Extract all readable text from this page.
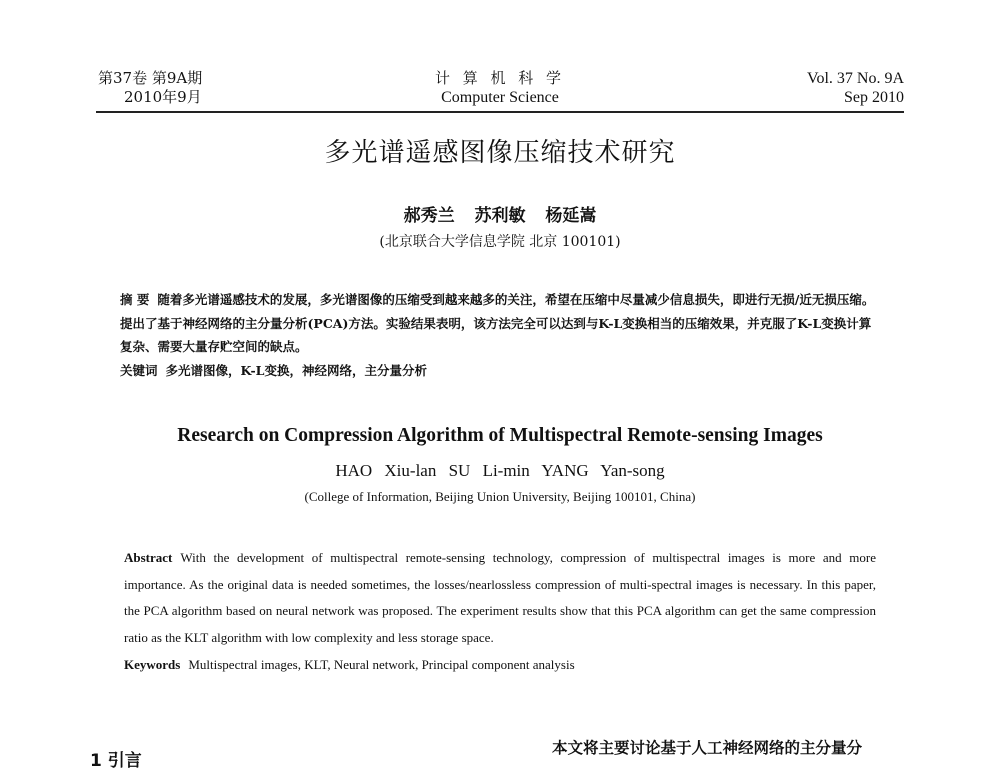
第37卷 第9A期
2010年9月
计 算 机 科 学
Computer Science
Vol. 37 No. 9A
Sep 2010
多光谱遥感图像压缩技术研究
郝秀兰 苏利敏 杨延嵩
(北京联合大学信息学院 北京 100101)
摘 要 随着多光谱遥感技术的发展，多光谱图像的压缩受到越来越多的关注，希望在压缩中尽量减少信息损失，即进行无损/近无损压缩。提出了基于神经网络的主分量分析(PCA)方法。实验结果表明，该方法完全可以达到与K-L变换相当的压缩效果，并克服了K-L变换计算复杂、需要大量存贮空间的缺点。
关键词 多光谱图像，K-L变换，神经网络，主分量分析
Research on Compression Algorithm of Multispectral Remote-sensing Images
HAO Xiu-lan SU Li-min YANG Yan-song
(College of Information, Beijing Union University, Beijing 100101, China)
Abstract With the development of multispectral remote-sensing technology, compression of multispectral images is more and more importance. As the original data is needed sometimes, the losses/nearlossless compression of multi-spectral images is necessary. In this paper, the PCA algorithm based on neural network was proposed. The experiment results show that this PCA algorithm can get the same compression ratio as the KLT algorithm with low complexity and less storage space.
Keywords Multispectral images, KLT, Neural network, Principal component analysis
1 引言
本文将主要讨论基于人工神经网络的主分量分
